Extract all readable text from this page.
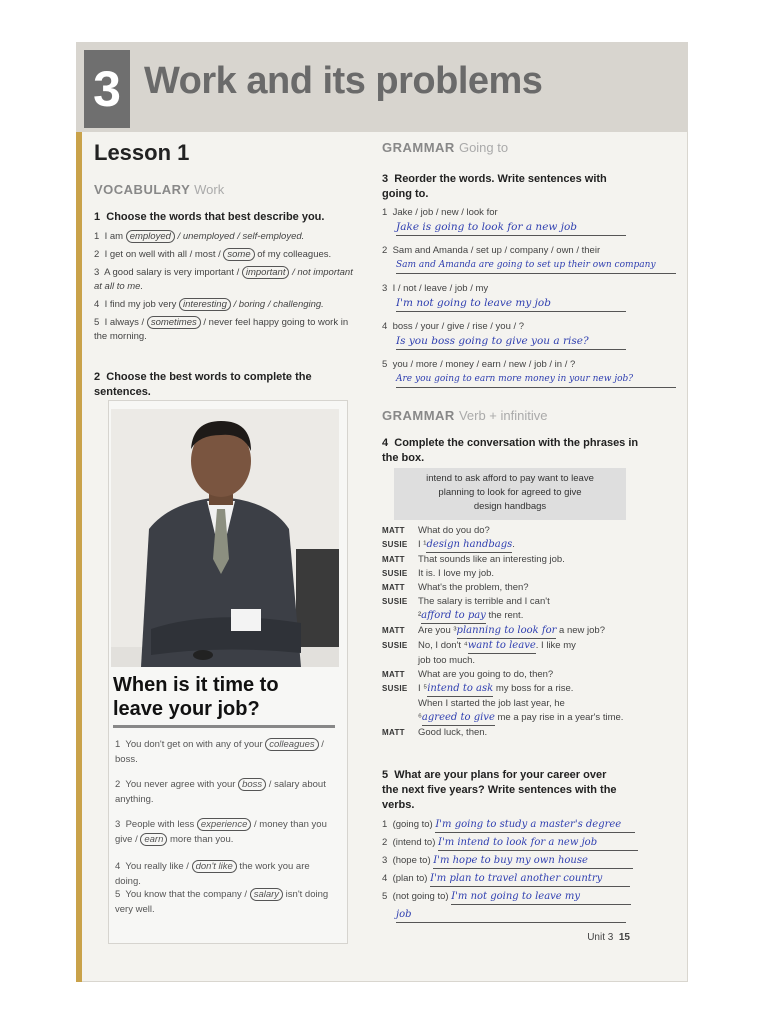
3 Work and its problems
Lesson 1
VOCABULARY Work
1 Choose the words that best describe you.
1 I am employed / unemployed / self-employed.
2 I get on well with all / most / some of my colleagues.
3 A good salary is very important / important / not important at all to me.
4 I find my job very interesting / boring / challenging.
5 I always / sometimes / never feel happy going to work in the morning.
2 Choose the best words to complete the sentences.
When is it time to
leave your job?
1 You don't get on with any of your colleagues / boss.
2 You never agree with your boss / salary about anything.
3 People with less experience / money than you give / earn more than you.
4 You really like / don't like the work you are doing.
5 You know that the company / salary isn't doing very well.
GRAMMAR Going to
3 Reorder the words. Write sentences with going to.
1 Jake / job / new / look for
Jake is going to look for a new job
2 Sam and Amanda / set up / company / own / their
Sam and Amanda are going to set up their own company
3 I / not / leave / job / my
I'm not going to leave my job
4 boss / your / give / rise / you / ?
Is you boss going to give you a rise?
5 you / more / money / earn / new / job / in / ?
Are you going to earn more money in your new job?
GRAMMAR Verb + infinitive
4 Complete the conversation with the phrases in the box.
intend to ask afford to pay want to leave
planning to look for agreed to give
design handbags
MATT What do you do?
SUSIE I ¹design handbags.
MATT That sounds like an interesting job.
SUSIE It is. I love my job.
MATT What's the problem, then?
SUSIE The salary is terrible and I can't
²afford to pay the rent.
MATT Are you ³planning to look for a new job?
SUSIE No, I don't ⁴want to leave. I like my
job too much.
MATT What are you going to do, then?
SUSIE I ⁵intend to ask my boss for a rise.
When I started the job last year, he
⁶agreed to give me a pay rise in a year's time.
MATT Good luck, then.
5 What are your plans for your career over the next five years? Write sentences with the verbs.
1 (going to) I'm going to study a master's degree
2 (intend to) I'm intend to look for a new job
3 (hope to) I'm hope to buy my own house
4 (plan to) I'm plan to travel another country
5 (not going to) I'm not going to leave my
job
Unit 3 15
